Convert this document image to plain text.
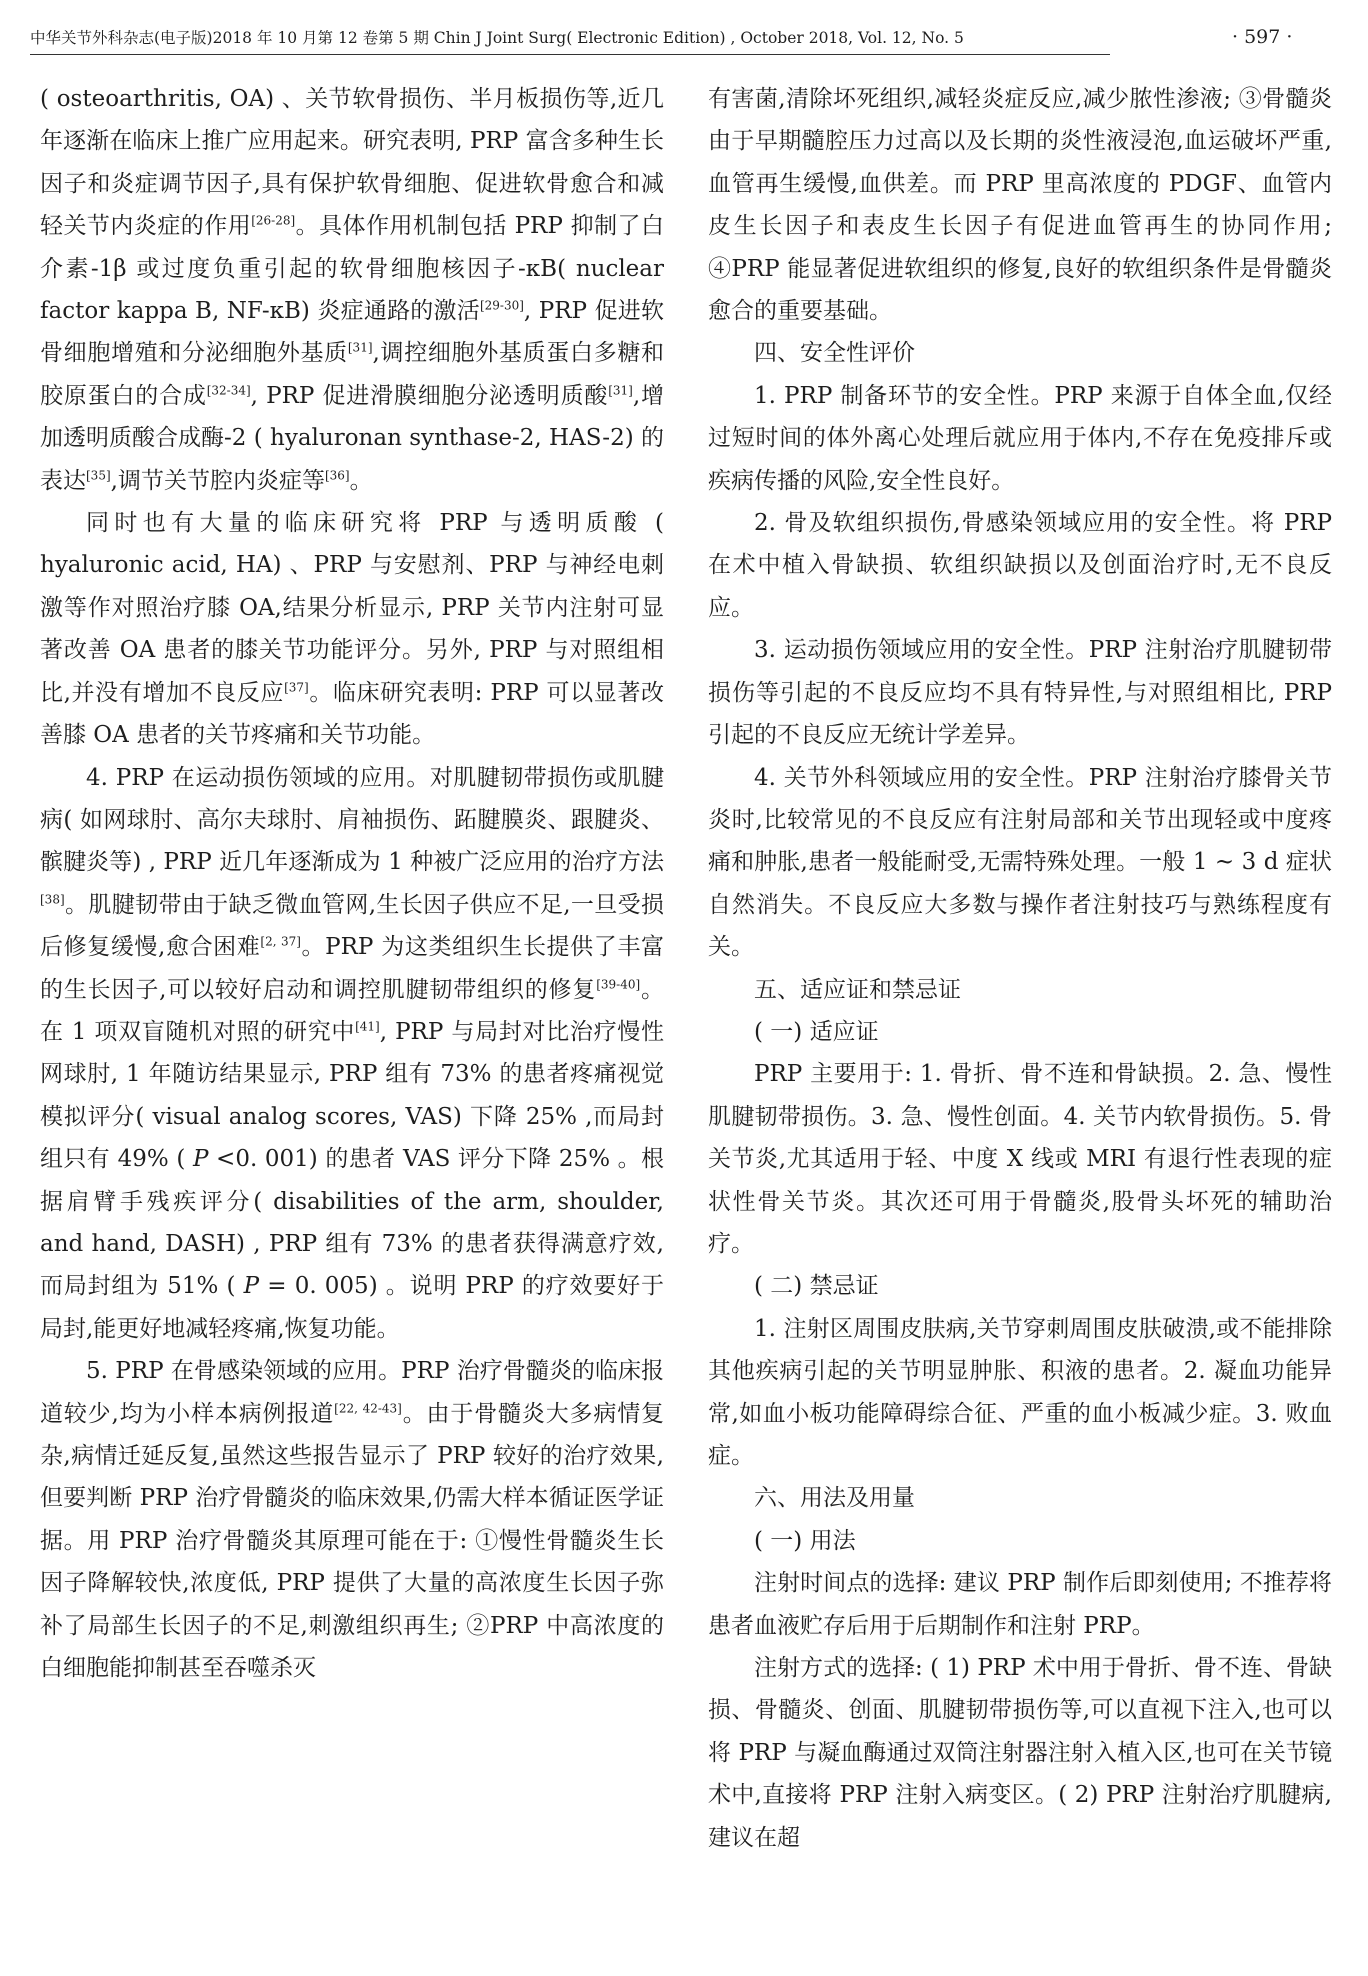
中华关节外科杂志(电子版)2018 年 10 月第 12 卷第 5 期 Chin J Joint Surg( Electronic Edition) , October 2018, Vol. 12, No. 5	· 597 ·

( osteoarthritis, OA) 、关节软骨损伤、半月板损伤等,近几年逐渐在临床上推广应用起来。研究表明, PRP 富含多种生长因子和炎症调节因子,具有保护软骨细胞、促进软骨愈合和减轻关节内炎症的作用[26-28]。具体作用机制包括 PRP 抑制了白介素-1β 或过度负重引起的软骨细胞核因子-κB( nuclear factor kappa B, NF-κB) 炎症通路的激活[29-30], PRP 促进软骨细胞增殖和分泌细胞外基质[31],调控细胞外基质蛋白多糖和胶原蛋白的合成[32-34], PRP 促进滑膜细胞分泌透明质酸[31],增加透明质酸合成酶-2 ( hyaluronan synthase-2, HAS-2) 的表达[35],调节关节腔内炎症等[36]。

同时也有大量的临床研究将 PRP 与透明质酸 ( hyaluronic acid, HA) 、PRP 与安慰剂、PRP 与神经电刺激等作对照治疗膝 OA,结果分析显示, PRP 关节内注射可显著改善 OA 患者的膝关节功能评分。另外, PRP 与对照组相比,并没有增加不良反应[37]。临床研究表明: PRP 可以显著改善膝 OA 患者的关节疼痛和关节功能。

4. PRP 在运动损伤领域的应用。对肌腱韧带损伤或肌腱病( 如网球肘、高尔夫球肘、肩袖损伤、跖腱膜炎、跟腱炎、髌腱炎等) , PRP 近几年逐渐成为 1 种被广泛应用的治疗方法[38]。肌腱韧带由于缺乏微血管网,生长因子供应不足,一旦受损后修复缓慢,愈合困难[2, 37]。PRP 为这类组织生长提供了丰富的生长因子,可以较好启动和调控肌腱韧带组织的修复[39-40]。在 1 项双盲随机对照的研究中[41], PRP 与局封对比治疗慢性网球肘, 1 年随访结果显示, PRP 组有 73% 的患者疼痛视觉模拟评分( visual analog scores, VAS) 下降 25% ,而局封组只有 49% ( P <0. 001) 的患者 VAS 评分下降 25% 。根据肩臂手残疾评分( disabilities of the arm, shoulder, and hand, DASH) , PRP 组有 73% 的患者获得满意疗效,而局封组为 51% ( P = 0. 005) 。说明 PRP 的疗效要好于局封,能更好地减轻疼痛,恢复功能。

5. PRP 在骨感染领域的应用。PRP 治疗骨髓炎的临床报道较少,均为小样本病例报道[22, 42-43]。由于骨髓炎大多病情复杂,病情迁延反复,虽然这些报告显示了 PRP 较好的治疗效果,但要判断 PRP 治疗骨髓炎的临床效果,仍需大样本循证医学证据。用 PRP 治疗骨髓炎其原理可能在于: ①慢性骨髓炎生长因子降解较快,浓度低, PRP 提供了大量的高浓度生长因子弥补了局部生长因子的不足,刺激组织再生; ②PRP 中高浓度的白细胞能抑制甚至吞噬杀灭

有害菌,清除坏死组织,减轻炎症反应,减少脓性渗液; ③骨髓炎由于早期髓腔压力过高以及长期的炎性液浸泡,血运破坏严重,血管再生缓慢,血供差。而 PRP 里高浓度的 PDGF、血管内皮生长因子和表皮生长因子有促进血管再生的协同作用; ④PRP 能显著促进软组织的修复,良好的软组织条件是骨髓炎愈合的重要基础。

四、安全性评价

1. PRP 制备环节的安全性。PRP 来源于自体全血,仅经过短时间的体外离心处理后就应用于体内,不存在免疫排斥或疾病传播的风险,安全性良好。

2. 骨及软组织损伤,骨感染领域应用的安全性。将 PRP 在术中植入骨缺损、软组织缺损以及创面治疗时,无不良反应。

3. 运动损伤领域应用的安全性。PRP 注射治疗肌腱韧带损伤等引起的不良反应均不具有特异性,与对照组相比, PRP 引起的不良反应无统计学差异。

4. 关节外科领域应用的安全性。PRP 注射治疗膝骨关节炎时,比较常见的不良反应有注射局部和关节出现轻或中度疼痛和肿胀,患者一般能耐受,无需特殊处理。一般 1 ~ 3 d 症状自然消失。不良反应大多数与操作者注射技巧与熟练程度有关。

五、适应证和禁忌证

( 一) 适应证

PRP 主要用于: 1. 骨折、骨不连和骨缺损。2. 急、慢性肌腱韧带损伤。3. 急、慢性创面。4. 关节内软骨损伤。5. 骨关节炎,尤其适用于轻、中度 X 线或 MRI 有退行性表现的症状性骨关节炎。其次还可用于骨髓炎,股骨头坏死的辅助治疗。

( 二) 禁忌证

1. 注射区周围皮肤病,关节穿刺周围皮肤破溃,或不能排除其他疾病引起的关节明显肿胀、积液的患者。2. 凝血功能异常,如血小板功能障碍综合征、严重的血小板减少症。3. 败血症。

六、用法及用量

( 一) 用法

注射时间点的选择: 建议 PRP 制作后即刻使用; 不推荐将患者血液贮存后用于后期制作和注射 PRP。

注射方式的选择: ( 1) PRP 术中用于骨折、骨不连、骨缺损、骨髓炎、创面、肌腱韧带损伤等,可以直视下注入,也可以将 PRP 与凝血酶通过双筒注射器注射入植入区,也可在关节镜术中,直接将 PRP 注射入病变区。( 2) PRP 注射治疗肌腱病,建议在超
